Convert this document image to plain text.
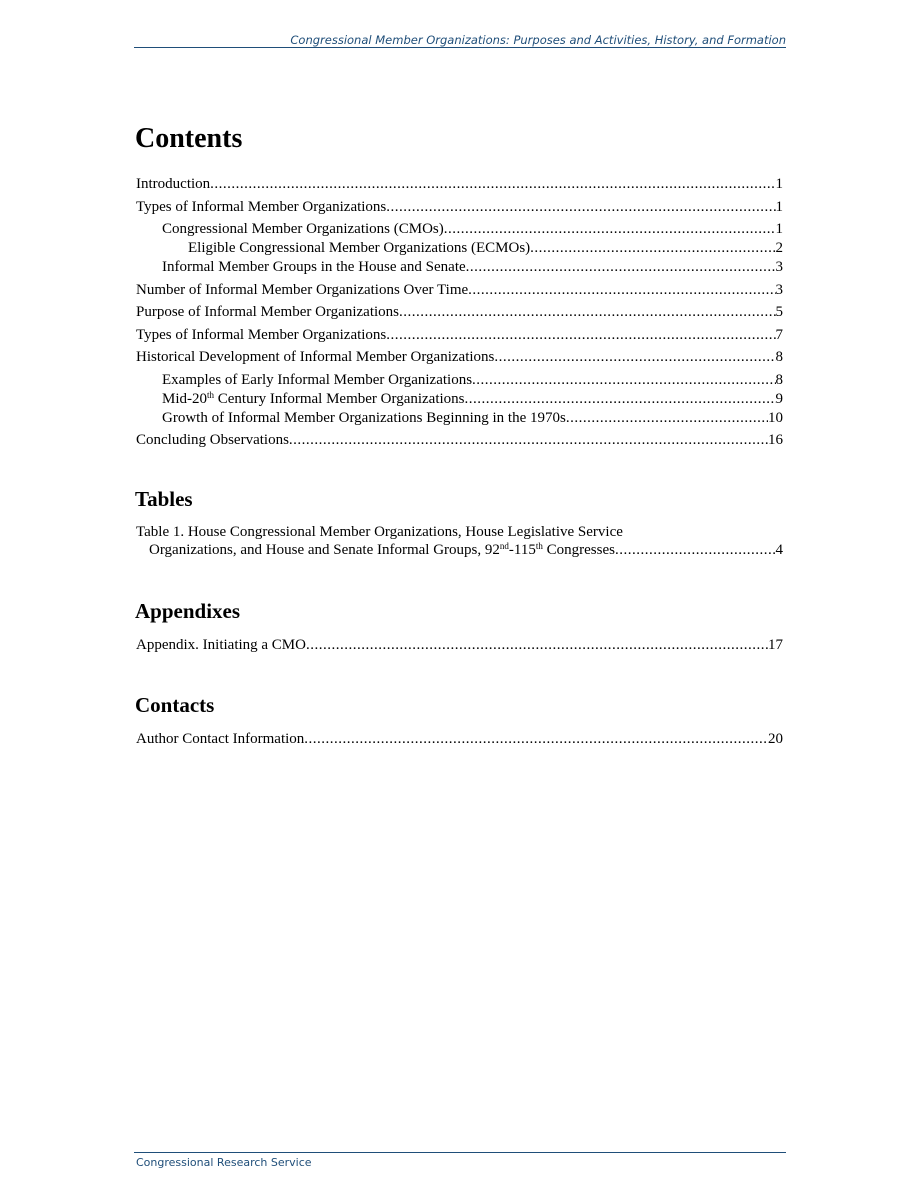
Congressional Member Organizations: Purposes and Activities, History, and Formation
Contents
Introduction .....	1
Types of Informal Member Organizations .....	1
Congressional Member Organizations (CMOs) .....	1
Eligible Congressional Member Organizations (ECMOs) .....	2
Informal Member Groups in the House and Senate .....	3
Number of Informal Member Organizations Over Time .....	3
Purpose of Informal Member Organizations .....	5
Types of Informal Member Organizations .....	7
Historical Development of Informal Member Organizations .....	8
Examples of Early Informal Member Organizations .....	8
Mid-20th Century Informal Member Organizations .....	9
Growth of Informal Member Organizations Beginning in the 1970s .....	10
Concluding Observations .....	16
Tables
Table 1. House Congressional Member Organizations, House Legislative Service
Organizations, and House and Senate Informal Groups, 92nd-115th Congresses .....	4
Appendixes
Appendix. Initiating a CMO .....	17
Contacts
Author Contact Information .....	20
Congressional Research Service
